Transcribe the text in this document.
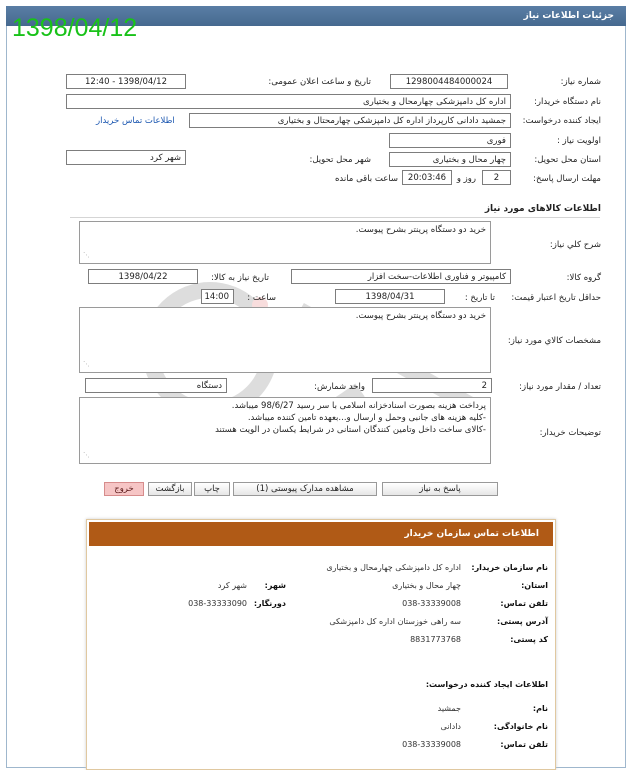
جزئیات اطلاعات نیاز
1398/04/12
شماره نیاز:
1298004484000024
تاریخ و ساعت اعلان عمومی:
1398/04/12 - 12:40
نام دستگاه خریدار:
اداره کل دامپزشکی چهارمحال و بختیاری
ایجاد کننده درخواست:
جمشید دادانی کارپرداز اداره کل دامپزشکی چهارمحتال و بختیاری
اطلاعات تماس خریدار
اولویت نیاز :
فوری
استان محل تحویل:
چهار محال و بختیاری
شهر محل تحویل:
شهر کرد
مهلت ارسال پاسخ:
2
روز و
20:03:46
ساعت باقی مانده
اطلاعات کالاهای مورد نیاز
شرح کلي نياز:
خرید دو دستگاه پرینتر بشرح پیوست.
⋰
گروه کالا:
کامپیوتر و فناوری اطلاعات-سخت افزار
تاریخ نیاز به کالا:
1398/04/22
حداقل تاریخ اعتبار قیمت:
تا تاریخ :
1398/04/31
ساعت :
14:00
مشخصات کالاي مورد نياز:
خرید دو دستگاه پرینتر بشرح پیوست.
⋰
تعداد / مقدار مورد نیاز:
2
واحد شمارش:
دستگاه
توضیحات خریدار:
پرداخت هزینه بصورت اسنادخزانه اسلامی با سر رسید 98/6/27 میباشد.
-کلیه هزینه های جانبی وحمل و ارسال و...بعهده تامین کننده میباشد.
-کالای ساخت داخل وتامین کنندگان استانی در شرایط یکسان در الویت هستند
⋰
پاسخ به نیاز
مشاهده مدارک پیوستی (1)
چاپ
بازگشت
خروج
اطلاعات تماس سازمان خریدار
نام سازمان خریدار:
اداره کل دامپزشکی چهارمحال و بختیاری
استان:
چهار محال و بختیاری
شهر:
شهر کرد
تلفن تماس:
038-33339008
دورنگار:
038-33333090
آدرس پستی:
سه راهی خوزستان اداره کل دامپزشکی
کد پستی:
8831773768
اطلاعات ایجاد کننده درخواست:
نام:
جمشید
نام خانوادگی:
دادانی
تلفن تماس:
038-33339008
